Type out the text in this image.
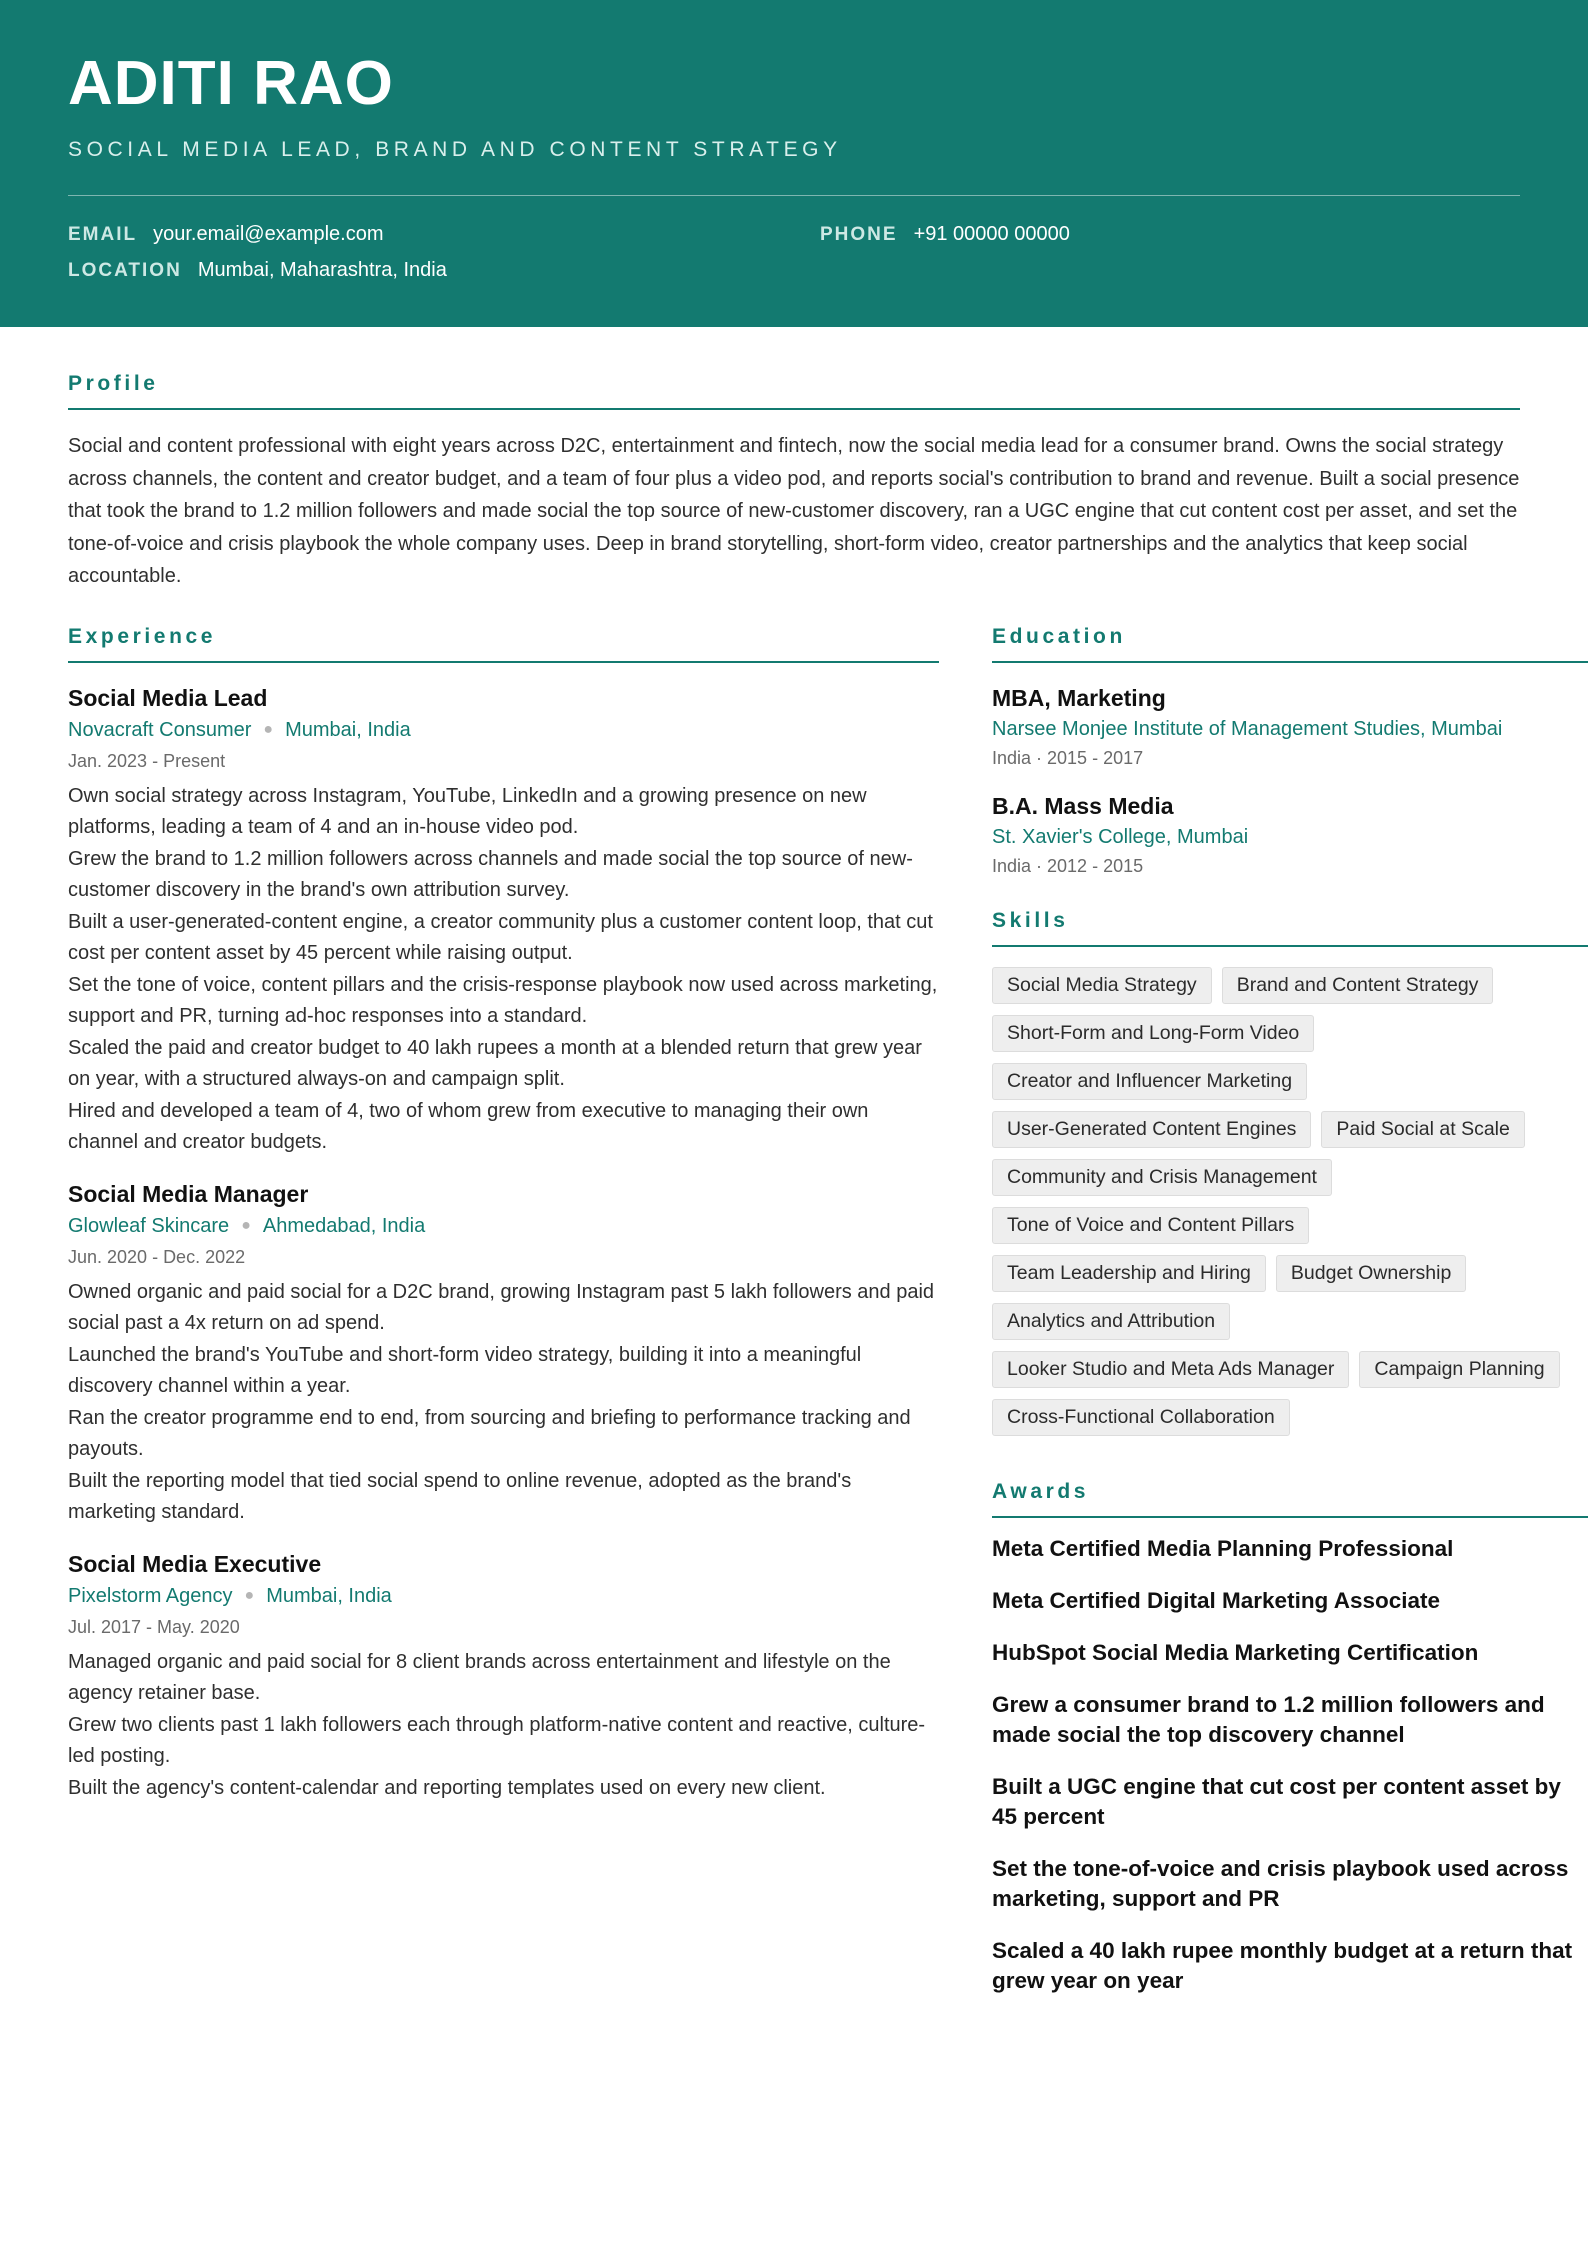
ADITI RAO
SOCIAL MEDIA LEAD, BRAND AND CONTENT STRATEGY
EMAIL your.email@example.com	PHONE +91 00000 00000
LOCATION Mumbai, Maharashtra, India
Profile
Social and content professional with eight years across D2C, entertainment and fintech, now the social media lead for a consumer brand. Owns the social strategy across channels, the content and creator budget, and a team of four plus a video pod, and reports social's contribution to brand and revenue. Built a social presence that took the brand to 1.2 million followers and made social the top source of new-customer discovery, ran a UGC engine that cut content cost per asset, and set the tone-of-voice and crisis playbook the whole company uses. Deep in brand storytelling, short-form video, creator partnerships and the analytics that keep social accountable.
Experience
Social Media Lead
Novacraft Consumer ● Mumbai, India
Jan. 2023 - Present
Own social strategy across Instagram, YouTube, LinkedIn and a growing presence on new platforms, leading a team of 4 and an in-house video pod.
Grew the brand to 1.2 million followers across channels and made social the top source of new-customer discovery in the brand's own attribution survey.
Built a user-generated-content engine, a creator community plus a customer content loop, that cut cost per content asset by 45 percent while raising output.
Set the tone of voice, content pillars and the crisis-response playbook now used across marketing, support and PR, turning ad-hoc responses into a standard.
Scaled the paid and creator budget to 40 lakh rupees a month at a blended return that grew year on year, with a structured always-on and campaign split.
Hired and developed a team of 4, two of whom grew from executive to managing their own channel and creator budgets.
Social Media Manager
Glowleaf Skincare ● Ahmedabad, India
Jun. 2020 - Dec. 2022
Owned organic and paid social for a D2C brand, growing Instagram past 5 lakh followers and paid social past a 4x return on ad spend.
Launched the brand's YouTube and short-form video strategy, building it into a meaningful discovery channel within a year.
Ran the creator programme end to end, from sourcing and briefing to performance tracking and payouts.
Built the reporting model that tied social spend to online revenue, adopted as the brand's marketing standard.
Social Media Executive
Pixelstorm Agency ● Mumbai, India
Jul. 2017 - May. 2020
Managed organic and paid social for 8 client brands across entertainment and lifestyle on the agency retainer base.
Grew two clients past 1 lakh followers each through platform-native content and reactive, culture-led posting.
Built the agency's content-calendar and reporting templates used on every new client.
Education
MBA, Marketing
Narsee Monjee Institute of Management Studies, Mumbai
India · 2015 - 2017
B.A. Mass Media
St. Xavier's College, Mumbai
India · 2012 - 2015
Skills
Social Media Strategy	Brand and Content Strategy
Short-Form and Long-Form Video
Creator and Influencer Marketing
User-Generated Content Engines	Paid Social at Scale
Community and Crisis Management
Tone of Voice and Content Pillars
Team Leadership and Hiring	Budget Ownership
Analytics and Attribution
Looker Studio and Meta Ads Manager	Campaign Planning
Cross-Functional Collaboration
Awards
Meta Certified Media Planning Professional
Meta Certified Digital Marketing Associate
HubSpot Social Media Marketing Certification
Grew a consumer brand to 1.2 million followers and made social the top discovery channel
Built a UGC engine that cut cost per content asset by 45 percent
Set the tone-of-voice and crisis playbook used across marketing, support and PR
Scaled a 40 lakh rupee monthly budget at a return that grew year on year
